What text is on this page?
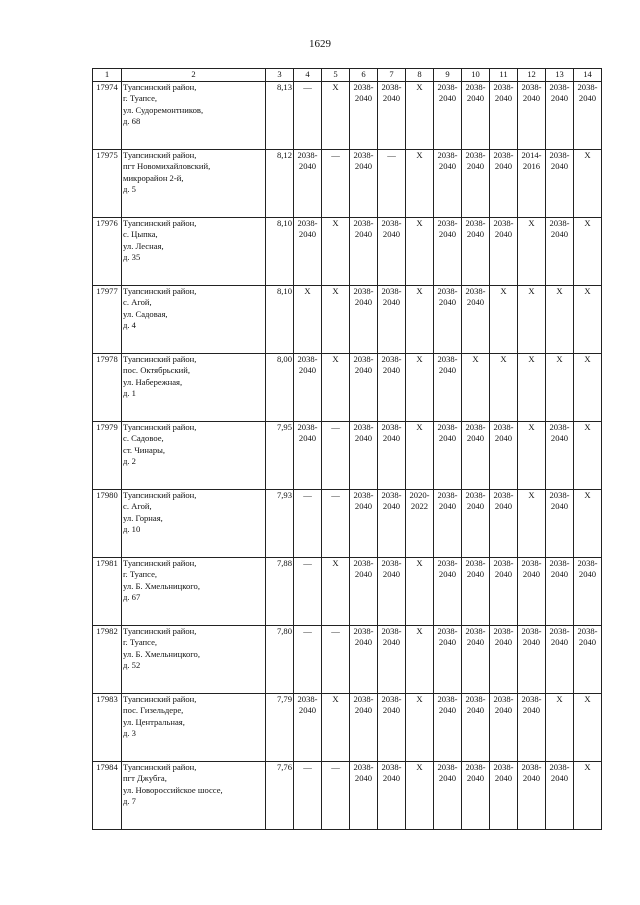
1629
1	2	3	4	5	6	7	8	9	10	11	12	13	14
17974	Туапсинский район,
г. Туапсе,
ул. Судоремонтников,
д. 68	8,13	—	X	2038-
2040	2038-
2040	X	2038-
2040	2038-
2040	2038-
2040	2038-
2040	2038-
2040	2038-
2040
17975	Туапсинский район,
пгт Новомихайловский,
микрорайон 2-й,
д. 5	8,12	2038-
2040	—	2038-
2040	—	X	2038-
2040	2038-
2040	2038-
2040	2014-
2016	2038-
2040	X
17976	Туапсинский район,
с. Цыпка,
ул. Лесная,
д. 35	8,10	2038-
2040	X	2038-
2040	2038-
2040	X	2038-
2040	2038-
2040	2038-
2040	X	2038-
2040	X
17977	Туапсинский район,
с. Агой,
ул. Садовая,
д. 4	8,10	X	X	2038-
2040	2038-
2040	X	2038-
2040	2038-
2040	X	X	X	X
17978	Туапсинский район,
пос. Октябрьский,
ул. Набережная,
д. 1	8,00	2038-
2040	X	2038-
2040	2038-
2040	X	2038-
2040	X	X	X	X	X
17979	Туапсинский район,
с. Садовое,
ст. Чинары,
д. 2	7,95	2038-
2040	—	2038-
2040	2038-
2040	X	2038-
2040	2038-
2040	2038-
2040	X	2038-
2040	X
17980	Туапсинский район,
с. Агой,
ул. Горная,
д. 10	7,93	—	—	2038-
2040	2038-
2040	2020-
2022	2038-
2040	2038-
2040	2038-
2040	X	2038-
2040	X
17981	Туапсинский район,
г. Туапсе,
ул. Б. Хмельницкого,
д. 67	7,88	—	X	2038-
2040	2038-
2040	X	2038-
2040	2038-
2040	2038-
2040	2038-
2040	2038-
2040	2038-
2040
17982	Туапсинский район,
г. Туапсе,
ул. Б. Хмельницкого,
д. 52	7,80	—	—	2038-
2040	2038-
2040	X	2038-
2040	2038-
2040	2038-
2040	2038-
2040	2038-
2040	2038-
2040
17983	Туапсинский район,
пос. Гизельдере,
ул. Центральная,
д. 3	7,79	2038-
2040	X	2038-
2040	2038-
2040	X	2038-
2040	2038-
2040	2038-
2040	2038-
2040	X	X
17984	Туапсинский район,
пгт Джубга,
ул. Новороссийское шоссе,
д. 7	7,76	—	—	2038-
2040	2038-
2040	X	2038-
2040	2038-
2040	2038-
2040	2038-
2040	2038-
2040	X
